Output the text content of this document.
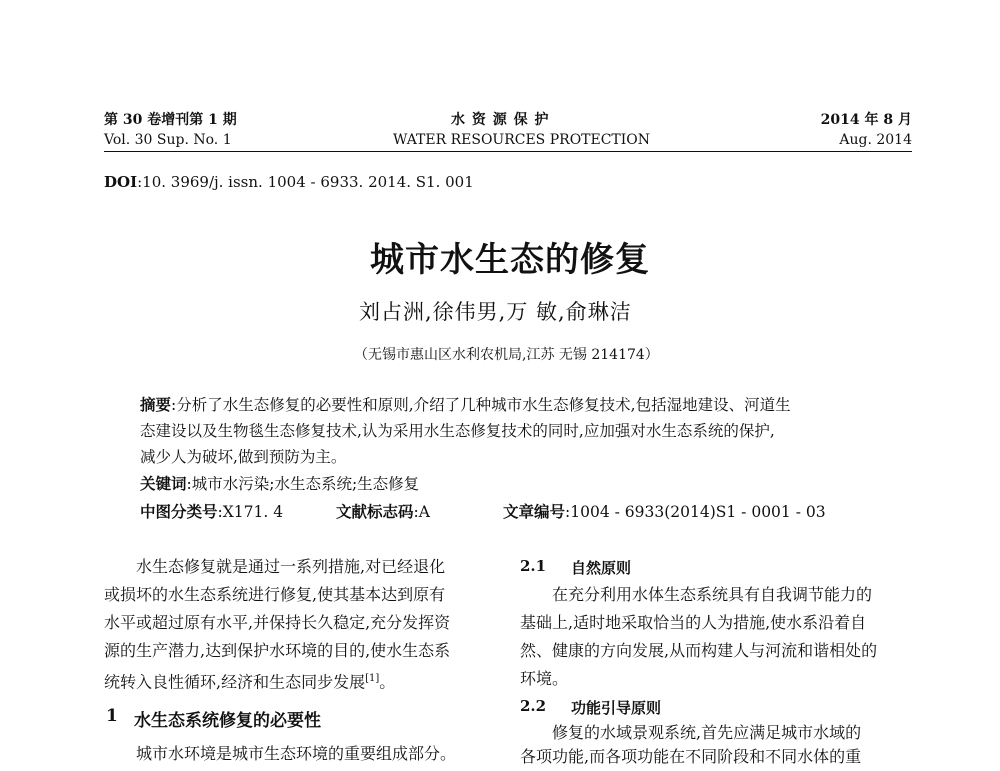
第 30 卷增刊第 1 期
Vol. 30 Sup. No. 1
水 资 源 保 护
WATER RESOURCES PROTECTION
2014 年 8 月
Aug. 2014
DOI:10. 3969/j. issn. 1004 - 6933. 2014. S1. 001
城市水生态的修复
刘占洲,徐伟男,万 敏,俞琳洁
（无锡市惠山区水利农机局,江苏 无锡 214174）
摘要:分析了水生态修复的必要性和原则,介绍了几种城市水生态修复技术,包括湿地建设、河道生
态建设以及生物毯生态修复技术,认为采用水生态修复技术的同时,应加强对水生态系统的保护,
减少人为破坏,做到预防为主。
关键词:城市水污染;水生态系统;生态修复
中图分类号:X171. 4	文献标志码:A	文章编号:1004 - 6933(2014)S1 - 0001 - 03
水生态修复就是通过一系列措施,对已经退化
或损坏的水生态系统进行修复,使其基本达到原有
水平或超过原有水平,并保持长久稳定,充分发挥资
源的生产潜力,达到保护水环境的目的,使水生态系
统转入良性循环,经济和生态同步发展[1]。
1 水生态系统修复的必要性
城市水环境是城市生态环境的重要组成部分。
2.1 自然原则
在充分利用水体生态系统具有自我调节能力的
基础上,适时地采取恰当的人为措施,使水系沿着自
然、健康的方向发展,从而构建人与河流和谐相处的
环境。
2.2 功能引导原则
修复的水域景观系统,首先应满足城市水域的
各项功能,而各项功能在不同阶段和不同水体的重
